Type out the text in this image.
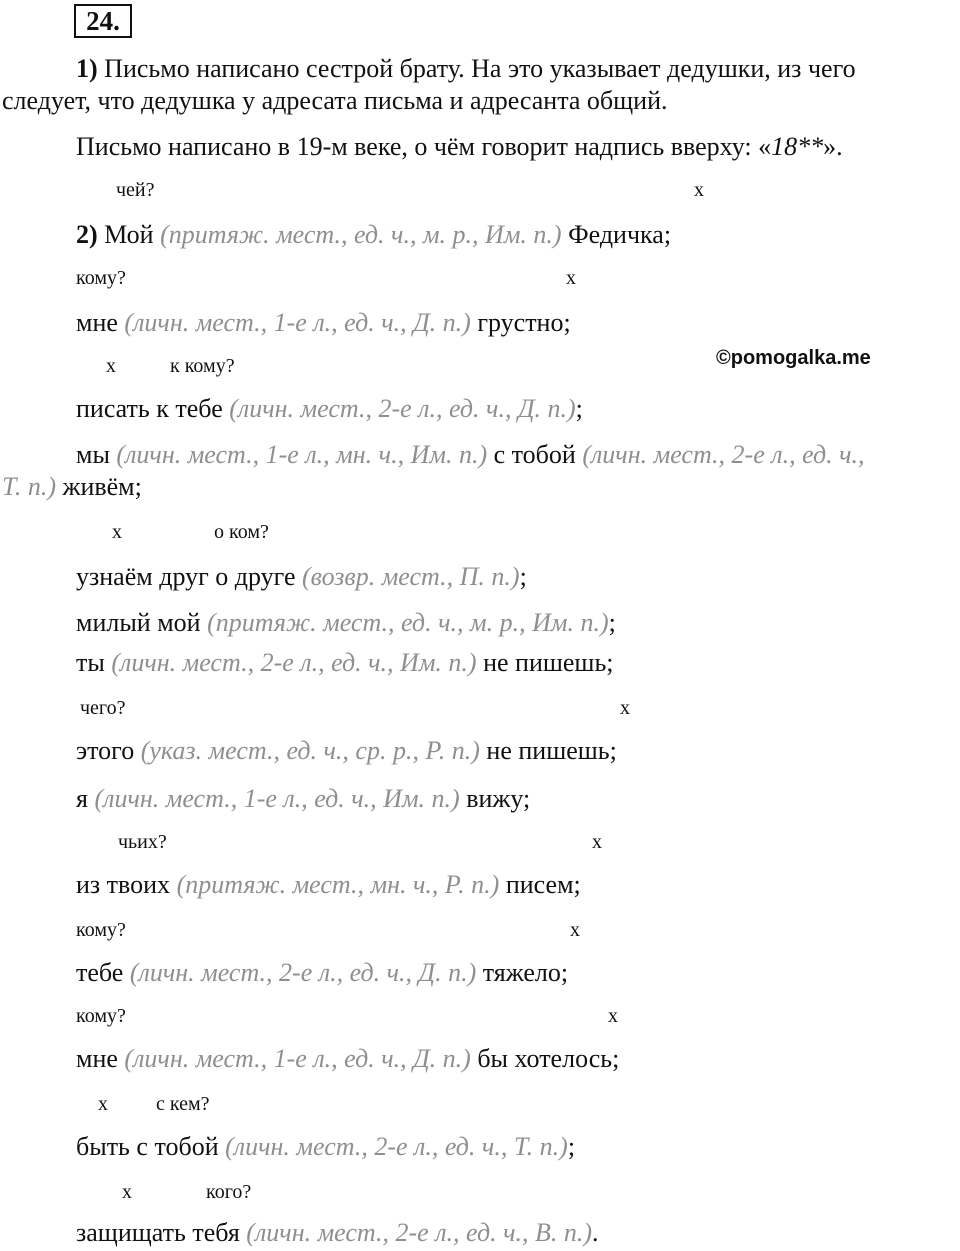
24.
1) Письмо написано сестрой брату. На это указывает дедушки, из чего
следует, что дедушка у адресата письма и адресанта общий.
Письмо написано в 19-м веке, о чём говорит надпись вверху: «18**».
чей?	x
2) Мой (притяж. мест., ед. ч., м. р., Им. п.) Федичка;
кому?	x
мне (личн. мест., 1-е л., ед. ч., Д. п.) грустно;
x	к кому?	©pomogalka.me
писать к тебе (личн. мест., 2-е л., ед. ч., Д. п.);
мы (личн. мест., 1-е л., мн. ч., Им. п.) с тобой (личн. мест., 2-е л., ед. ч.,
Т. п.) живём;
x	о ком?
узнаём друг о друге (возвр. мест., П. п.);
милый мой (притяж. мест., ед. ч., м. р., Им. п.);
ты (личн. мест., 2-е л., ед. ч., Им. п.) не пишешь;
чего?	x
этого (указ. мест., ед. ч., ср. р., Р. п.) не пишешь;
я (личн. мест., 1-е л., ед. ч., Им. п.) вижу;
чьих?	x
из твоих (притяж. мест., мн. ч., Р. п.) писем;
кому?	x
тебе (личн. мест., 2-е л., ед. ч., Д. п.) тяжело;
кому?	x
мне (личн. мест., 1-е л., ед. ч., Д. п.) бы хотелось;
x с кем?
быть с тобой (личн. мест., 2-е л., ед. ч., Т. п.);
x	кого?
защищать тебя (личн. мест., 2-е л., ед. ч., В. п.).
